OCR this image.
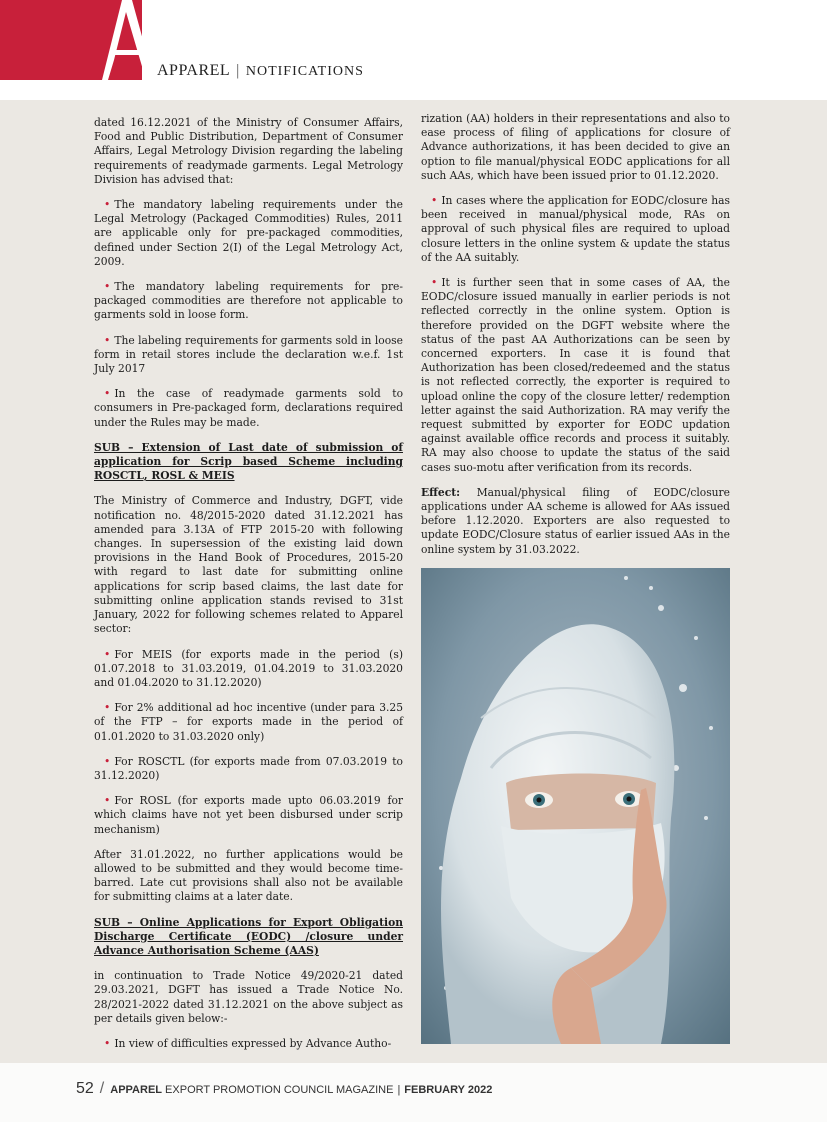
APPAREL | NOTIFICATIONS

dated 16.12.2021 of the Ministry of Consumer Affairs, Food and Public Distribution, Department of Consumer Affairs, Legal Metrology Division regarding the labeling requirements of readymade garments. Legal Metrology Division has advised that:

• The mandatory labeling requirements under the Legal Metrology (Packaged Commodities) Rules, 2011 are applicable only for pre-packaged commodities, defined under Section 2(I) of the Legal Metrology Act, 2009.

• The mandatory labeling requirements for pre-packaged commodities are therefore not applicable to garments sold in loose form.

• The labeling requirements for garments sold in loose form in retail stores include the declaration w.e.f. 1st July 2017

• In the case of readymade garments sold to consumers in Pre-packaged form, declarations required under the Rules may be made.

SUB – Extension of Last date of submission of application for Scrip based Scheme including ROSCTL, ROSL & MEIS

The Ministry of Commerce and Industry, DGFT, vide notification no. 48/2015-2020 dated 31.12.2021 has amended para 3.13A of FTP 2015-20 with following changes. In supersession of the existing laid down provisions in the Hand Book of Procedures, 2015-20 with regard to last date for submitting online applications for scrip based claims, the last date for submitting online application stands revised to 31st January, 2022 for following schemes related to Apparel sector:

• For MEIS (for exports made in the period (s) 01.07.2018 to 31.03.2019, 01.04.2019 to 31.03.2020 and 01.04.2020 to 31.12.2020)

• For 2% additional ad hoc incentive (under para 3.25 of the FTP – for exports made in the period of 01.01.2020 to 31.03.2020 only)

• For ROSCTL (for exports made from 07.03.2019 to 31.12.2020)

• For ROSL (for exports made upto 06.03.2019 for which claims have not yet been disbursed under scrip mechanism)

After 31.01.2022, no further applications would be allowed to be submitted and they would become time-barred. Late cut provisions shall also not be available for submitting claims at a later date.

SUB – Online Applications for Export Obligation Discharge Certificate (EODC) /closure under Advance Authorisation Scheme (AAS)

in continuation to Trade Notice 49/2020-21 dated 29.03.2021, DGFT has issued a Trade Notice No. 28/2021-2022 dated 31.12.2021 on the above subject as per details given below:-

• In view of difficulties expressed by Advance Autho-

rization (AA) holders in their representations and also to ease process of filing of applications for closure of Advance authorizations, it has been decided to give an option to file manual/physical EODC applications for all such AAs, which have been issued prior to 01.12.2020.

• In cases where the application for EODC/closure has been received in manual/physical mode, RAs on approval of such physical files are required to upload closure letters in the online system & update the status of the AA suitably.

• It is further seen that in some cases of AA, the EODC/closure issued manually in earlier periods is not reflected correctly in the online system. Option is therefore provided on the DGFT website where the status of the past AA Authorizations can be seen by concerned exporters. In case it is found that Authorization has been closed/redeemed and the status is not reflected correctly, the exporter is required to upload online the copy of the closure letter/ redemption letter against the said Authorization. RA may verify the request submitted by exporter for EODC updation against available office records and process it suitably. RA may also choose to update the status of the said cases suo-motu after verification from its records.

Effect: Manual/physical filing of EODC/closure applications under AA scheme is allowed for AAs issued before 1.12.2020. Exporters are also requested to update EODC/Closure status of earlier issued AAs in the online system by 31.03.2022.

52 / APPAREL EXPORT PROMOTION COUNCIL MAGAZINE | FEBRUARY 2022
